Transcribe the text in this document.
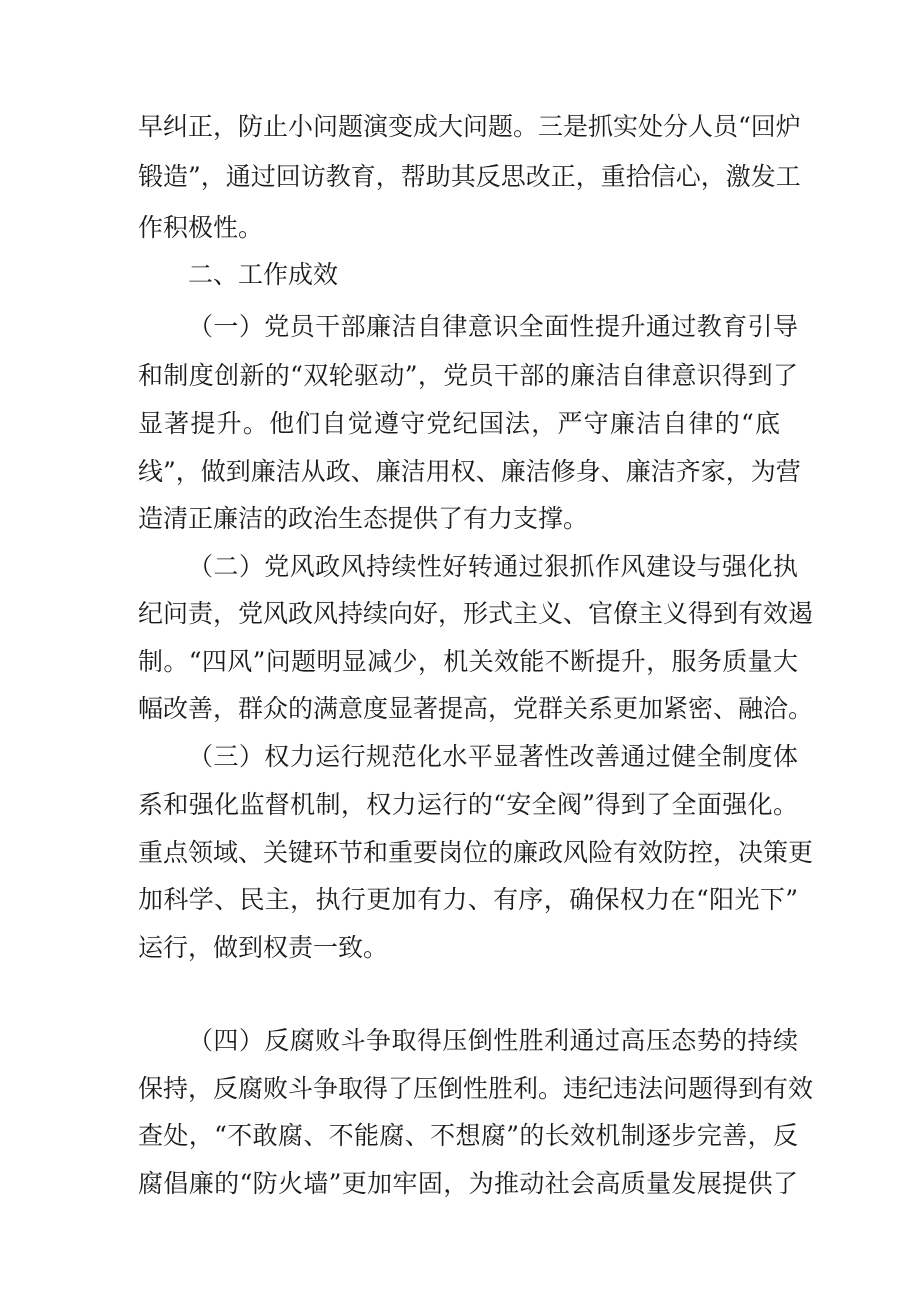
早纠正，防止小问题演变成大问题。三是抓实处分人员“回炉
锻造”，通过回访教育，帮助其反思改正，重拾信心，激发工
作积极性。
二、工作成效
（一）党员干部廉洁自律意识全面性提升通过教育引导
和制度创新的“双轮驱动”，党员干部的廉洁自律意识得到了
显著提升。他们自觉遵守党纪国法，严守廉洁自律的“底
线”，做到廉洁从政、廉洁用权、廉洁修身、廉洁齐家，为营
造清正廉洁的政治生态提供了有力支撑。
（二）党风政风持续性好转通过狠抓作风建设与强化执
纪问责，党风政风持续向好，形式主义、官僚主义得到有效遏
制。“四风”问题明显减少，机关效能不断提升，服务质量大
幅改善，群众的满意度显著提高，党群关系更加紧密、融洽。
（三）权力运行规范化水平显著性改善通过健全制度体
系和强化监督机制，权力运行的“安全阀”得到了全面强化。
重点领域、关键环节和重要岗位的廉政风险有效防控，决策更
加科学、民主，执行更加有力、有序，确保权力在“阳光下”
运行，做到权责一致。
（四）反腐败斗争取得压倒性胜利通过高压态势的持续
保持，反腐败斗争取得了压倒性胜利。违纪违法问题得到有效
查处，“不敢腐、不能腐、不想腐”的长效机制逐步完善，反
腐倡廉的“防火墙”更加牢固，为推动社会高质量发展提供了
